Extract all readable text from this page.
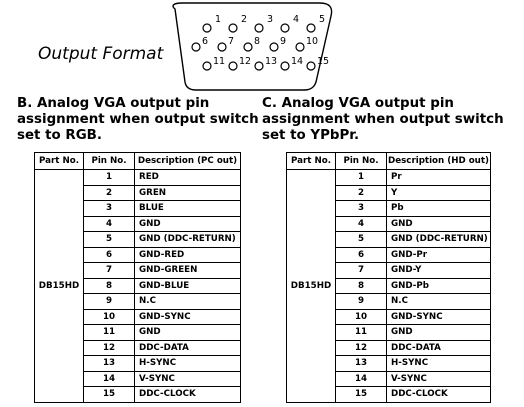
1 2 3 4 5
6 7 8 9 10
11 12 13 14 15
Output Format
B. Analog VGA output pin assignment when output switch set to RGB.
C. Analog VGA output pin assignment when output switch set to YPbPr.
Part No.	Pin No.	Description (PC out)
DB15HD	1	RED
	2	GREN
	3	BLUE
	4	GND
	5	GND (DDC-RETURN)
	6	GND-RED
	7	GND-GREEN
	8	GND-BLUE
	9	N.C
	10	GND-SYNC
	11	GND
	12	DDC-DATA
	13	H-SYNC
	14	V-SYNC
	15	DDC-CLOCK
Part No.	Pin No.	Description (HD out)
DB15HD	1	Pr
	2	Y
	3	Pb
	4	GND
	5	GND (DDC-RETURN)
	6	GND-Pr
	7	GND-Y
	8	GND-Pb
	9	N.C
	10	GND-SYNC
	11	GND
	12	DDC-DATA
	13	H-SYNC
	14	V-SYNC
	15	DDC-CLOCK
